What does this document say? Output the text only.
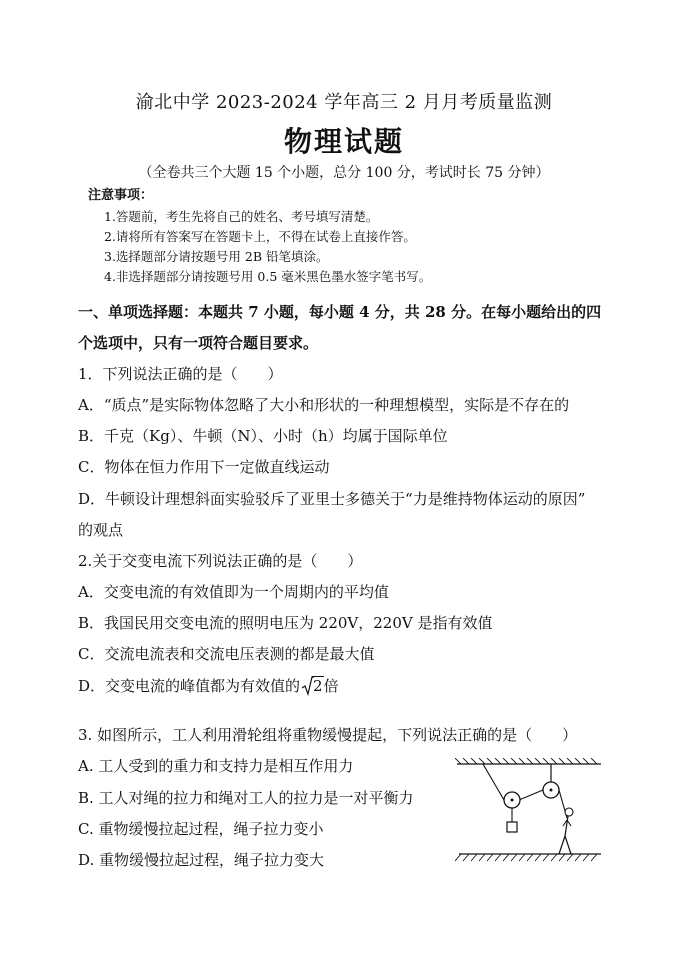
渝北中学 2023-2024 学年高三 2 月月考质量监测
物理试题
（全卷共三个大题 15 个小题，总分 100 分，考试时长 75 分钟）
注意事项：
1.答题前，考生先将自己的姓名、考号填写清楚。
2.请将所有答案写在答题卡上，不得在试卷上直接作答。
3.选择题部分请按题号用 2B 铅笔填涂。
4.非选择题部分请按题号用 0.5 毫米黑色墨水签字笔书写。
一、单项选择题：本题共 7 小题，每小题 4 分，共 28 分。在每小题给出的四
个选项中，只有一项符合题目要求。
1．下列说法正确的是（　　）
A．“质点”是实际物体忽略了大小和形状的一种理想模型，实际是不存在的
B．千克（Kg）、牛顿（N）、小时（h）均属于国际单位
C．物体在恒力作用下一定做直线运动
D．牛顿设计理想斜面实验驳斥了亚里士多德关于“力是维持物体运动的原因”
的观点
2.关于交变电流下列说法正确的是（　　）
A．交变电流的有效值即为一个周期内的平均值
B．我国民用交变电流的照明电压为 220V，220V 是指有效值
C．交流电流表和交流电压表测的都是最大值
D．交变电流的峰值都为有效值的 2倍
3. 如图所示，工人利用滑轮组将重物缓慢提起，下列说法正确的是（　　）
A. 工人受到的重力和支持力是相互作用力
B. 工人对绳的拉力和绳对工人的拉力是一对平衡力
C. 重物缓慢拉起过程，绳子拉力变小
D. 重物缓慢拉起过程，绳子拉力变大
